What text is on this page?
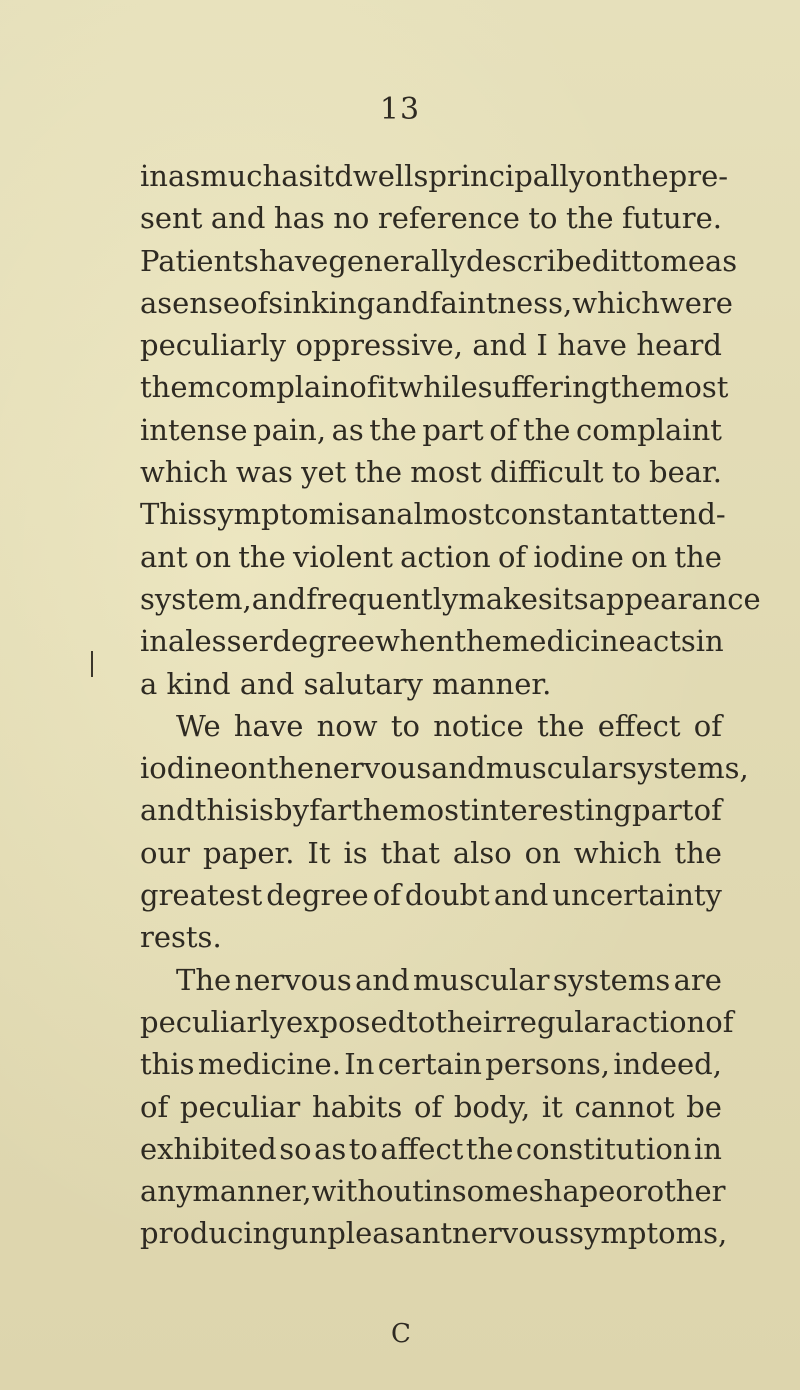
13
inasmuch as it dwells principally on the pre-
sent and has no reference to the future.
Patients have generally described it to me as
a sense of sinking and faintness, which were
peculiarly oppressive, and I have heard
them complain of it while suffering the most
intense pain, as the part of the complaint
which was yet the most difficult to bear.
This symptom is an almost constant attend-
ant on the violent action of iodine on the
system, and frequently makes its appearance
in a lesser degree when the medicine acts in
a kind and salutary manner.
We have now to notice the effect of
iodine on the nervous and muscular systems,
and this is by far the most interesting part of
our paper. It is that also on which the
greatest degree of doubt and uncertainty
rests.
The nervous and muscular systems are
peculiarly exposed to the irregular action of
this medicine. In certain persons, indeed,
of peculiar habits of body, it cannot be
exhibited so as to affect the constitution in
any manner, without in some shape or other
producing unpleasant nervous symptoms,
C
